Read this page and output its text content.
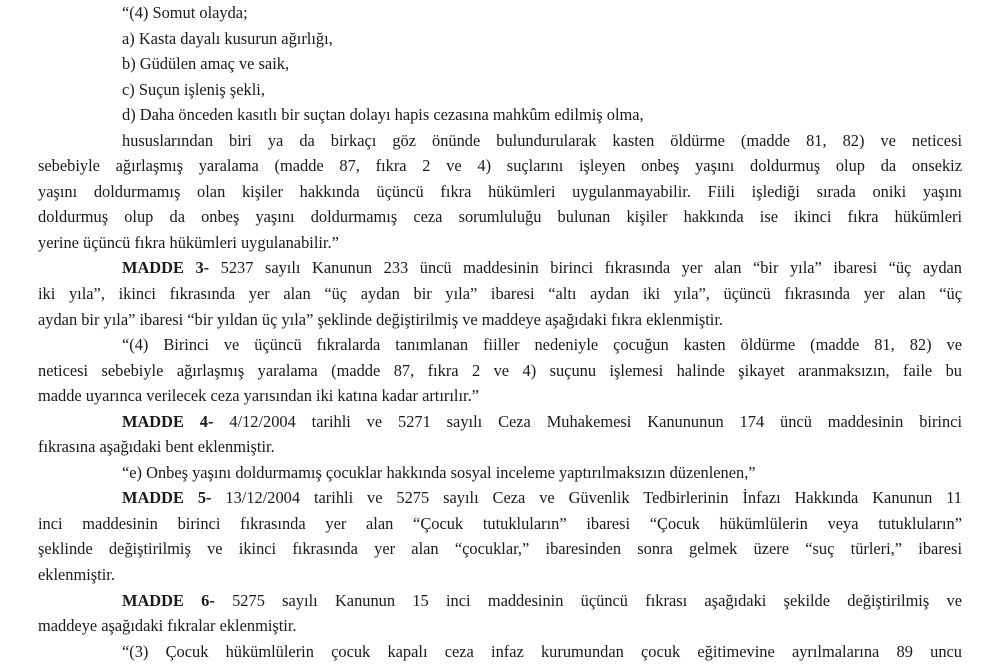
“(4) Somut olayda;
a) Kasta dayalı kusurun ağırlığı,
b) Güdülen amaç ve saik,
c) Suçun işleniş şekli,
d) Daha önceden kasıtlı bir suçtan dolayı hapis cezasına mahkûm edilmiş olma,
hususlarından biri ya da birkaçı göz önünde bulundurularak kasten öldürme (madde 81, 82) ve neticesi
sebebiyle ağırlaşmış yaralama (madde 87, fıkra 2 ve 4) suçlarını işleyen onbeş yaşını doldurmuş olup da onsekiz
yaşını doldurmamış olan kişiler hakkında üçüncü fıkra hükümleri uygulanmayabilir. Fiili işlediği sırada oniki yaşını
doldurmuş olup da onbeş yaşını doldurmamış ceza sorumluluğu bulunan kişiler hakkında ise ikinci fıkra hükümleri
yerine üçüncü fıkra hükümleri uygulanabilir.”
MADDE 3- 5237 sayılı Kanunun 233 üncü maddesinin birinci fıkrasında yer alan “bir yıla” ibaresi “üç aydan
iki yıla”, ikinci fıkrasında yer alan “üç aydan bir yıla” ibaresi “altı aydan iki yıla”, üçüncü fıkrasında yer alan “üç
aydan bir yıla” ibaresi “bir yıldan üç yıla” şeklinde değiştirilmiş ve maddeye aşağıdaki fıkra eklenmiştir.
“(4) Birinci ve üçüncü fıkralarda tanımlanan fiiller nedeniyle çocuğun kasten öldürme (madde 81, 82) ve
neticesi sebebiyle ağırlaşmış yaralama (madde 87, fıkra 2 ve 4) suçunu işlemesi halinde şikayet aranmaksızın, faile bu
madde uyarınca verilecek ceza yarısından iki katına kadar artırılır.”
MADDE 4- 4/12/2004 tarihli ve 5271 sayılı Ceza Muhakemesi Kanununun 174 üncü maddesinin birinci
fıkrasına aşağıdaki bent eklenmiştir.
“e) Onbeş yaşını doldurmamış çocuklar hakkında sosyal inceleme yaptırılmaksızın düzenlenen,”
MADDE 5- 13/12/2004 tarihli ve 5275 sayılı Ceza ve Güvenlik Tedbirlerinin İnfazı Hakkında Kanunun 11
inci maddesinin birinci fıkrasında yer alan “Çocuk tutukluların” ibaresi “Çocuk hükümlülerin veya tutukluların”
şeklinde değiştirilmiş ve ikinci fıkrasında yer alan “çocuklar,” ibaresinden sonra gelmek üzere “suç türleri,” ibaresi
eklenmiştir.
MADDE 6- 5275 sayılı Kanunun 15 inci maddesinin üçüncü fıkrası aşağıdaki şekilde değiştirilmiş ve
maddeye aşağıdaki fıkralar eklenmiştir.
“(3) Çocuk hükümlülerin çocuk kapalı ceza infaz kurumundan çocuk eğitimevine ayrılmalarına 89 uncu
